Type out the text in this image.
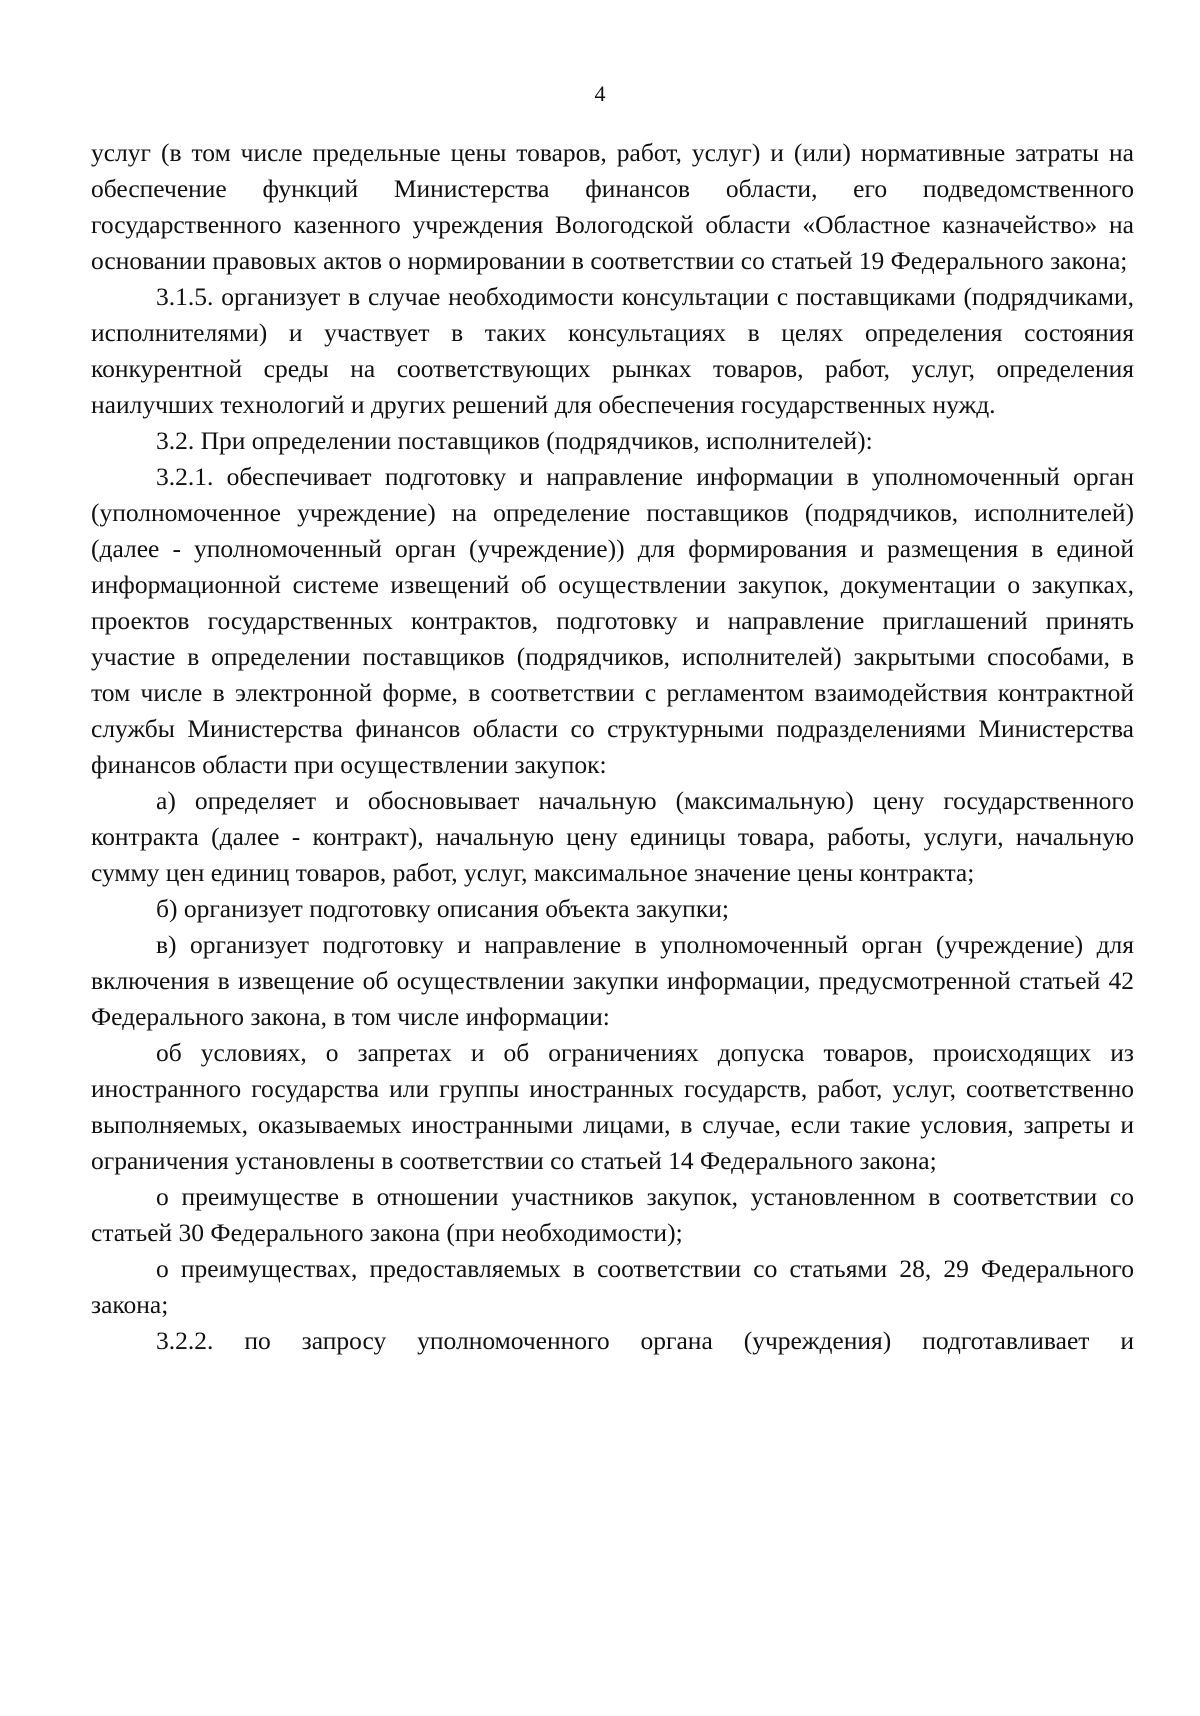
4

услуг (в том числе предельные цены товаров, работ, услуг) и (или) нормативные затраты на обеспечение функций Министерства финансов области, его подведомственного государственного казенного учреждения Вологодской области «Областное казначейство» на основании правовых актов о нормировании в соответствии со статьей 19 Федерального закона;

3.1.5. организует в случае необходимости консультации с поставщиками (подрядчиками, исполнителями) и участвует в таких консультациях в целях определения состояния конкурентной среды на соответствующих рынках товаров, работ, услуг, определения наилучших технологий и других решений для обеспечения государственных нужд.

3.2. При определении поставщиков (подрядчиков, исполнителей):

3.2.1. обеспечивает подготовку и направление информации в уполномоченный орган (уполномоченное учреждение) на определение поставщиков (подрядчиков, исполнителей) (далее - уполномоченный орган (учреждение)) для формирования и размещения в единой информационной системе извещений об осуществлении закупок, документации о закупках, проектов государственных контрактов, подготовку и направление приглашений принять участие в определении поставщиков (подрядчиков, исполнителей) закрытыми способами, в том числе в электронной форме, в соответствии с регламентом взаимодействия контрактной службы Министерства финансов области со структурными подразделениями Министерства финансов области при осуществлении закупок:

а) определяет и обосновывает начальную (максимальную) цену государственного контракта (далее - контракт), начальную цену единицы товара, работы, услуги, начальную сумму цен единиц товаров, работ, услуг, максимальное значение цены контракта;

б) организует подготовку описания объекта закупки;

в) организует подготовку и направление в уполномоченный орган (учреждение) для включения в извещение об осуществлении закупки информации, предусмотренной статьей 42 Федерального закона, в том числе информации:

об условиях, о запретах и об ограничениях допуска товаров, происходящих из иностранного государства или группы иностранных государств, работ, услуг, соответственно выполняемых, оказываемых иностранными лицами, в случае, если такие условия, запреты и ограничения установлены в соответствии со статьей 14 Федерального закона;

о преимуществе в отношении участников закупок, установленном в соответствии со статьей 30 Федерального закона (при необходимости);

о преимуществах, предоставляемых в соответствии со статьями 28, 29 Федерального закона;

3.2.2. по запросу уполномоченного органа (учреждения) подготавливает и
